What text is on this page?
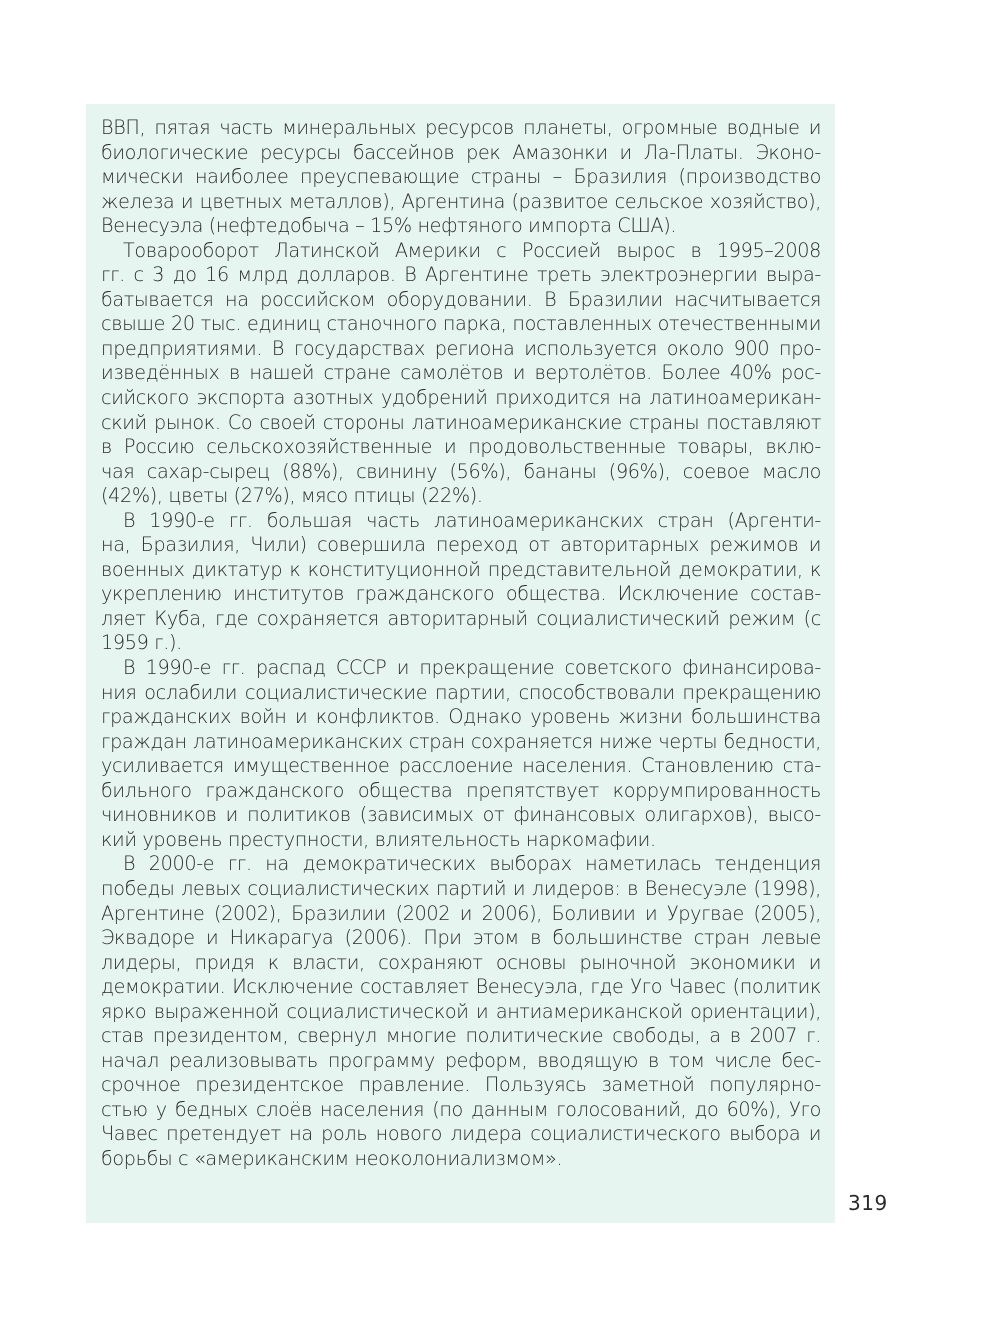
ВВП, пятая часть минеральных ресурсов планеты, огромные водные и
биологические ресурсы бассейнов рек Амазонки и Ла-Платы. Эконо-
мически наиболее преуспевающие страны – Бразилия (производство
железа и цветных металлов), Аргентина (развитое сельское хозяйство),
Венесуэла (нефтедобыча – 15% нефтяного импорта США).
Товарооборот Латинской Америки с Россией вырос в 1995–2008
гг. с 3 до 16 млрд долларов. В Аргентине треть электроэнергии выра-
батывается на российском оборудовании. В Бразилии насчитывается
свыше 20 тыс. единиц станочного парка, поставленных отечественными
предприятиями. В государствах региона используется около 900 про-
изведённых в нашей стране самолётов и вертолётов. Более 40% рос-
сийского экспорта азотных удобрений приходится на латиноамерикан-
ский рынок. Со своей стороны латиноамериканские страны поставляют
в Россию сельскохозяйственные и продовольственные товары, вклю-
чая сахар-сырец (88%), свинину (56%), бананы (96%), соевое масло
(42%), цветы (27%), мясо птицы (22%).
В 1990-е гг. большая часть латиноамериканских стран (Аргенти-
на, Бразилия, Чили) совершила переход от авторитарных режимов и
военных диктатур к конституционной представительной демократии, к
укреплению институтов гражданского общества. Исключение состав-
ляет Куба, где сохраняется авторитарный социалистический режим (с
1959 г.).
В 1990-е гг. распад СССР и прекращение советского финансирова-
ния ослабили социалистические партии, способствовали прекращению
гражданских войн и конфликтов. Однако уровень жизни большинства
граждан латиноамериканских стран сохраняется ниже черты бедности,
усиливается имущественное расслоение населения. Становлению ста-
бильного гражданского общества препятствует коррумпированность
чиновников и политиков (зависимых от финансовых олигархов), высо-
кий уровень преступности, влиятельность наркомафии.
В 2000-е гг. на демократических выборах наметилась тенденция
победы левых социалистических партий и лидеров: в Венесуэле (1998),
Аргентине (2002), Бразилии (2002 и 2006), Боливии и Уругвае (2005),
Эквадоре и Никарагуа (2006). При этом в большинстве стран левые
лидеры, придя к власти, сохраняют основы рыночной экономики и
демократии. Исключение составляет Венесуэла, где Уго Чавес (политик
ярко выраженной социалистической и антиамериканской ориентации),
став президентом, свернул многие политические свободы, а в 2007 г.
начал реализовывать программу реформ, вводящую в том числе бес-
срочное президентское правление. Пользуясь заметной популярно-
стью у бедных слоёв населения (по данным голосований, до 60%), Уго
Чавес претендует на роль нового лидера социалистического выбора и
борьбы с «американским неоколониализмом».
319
